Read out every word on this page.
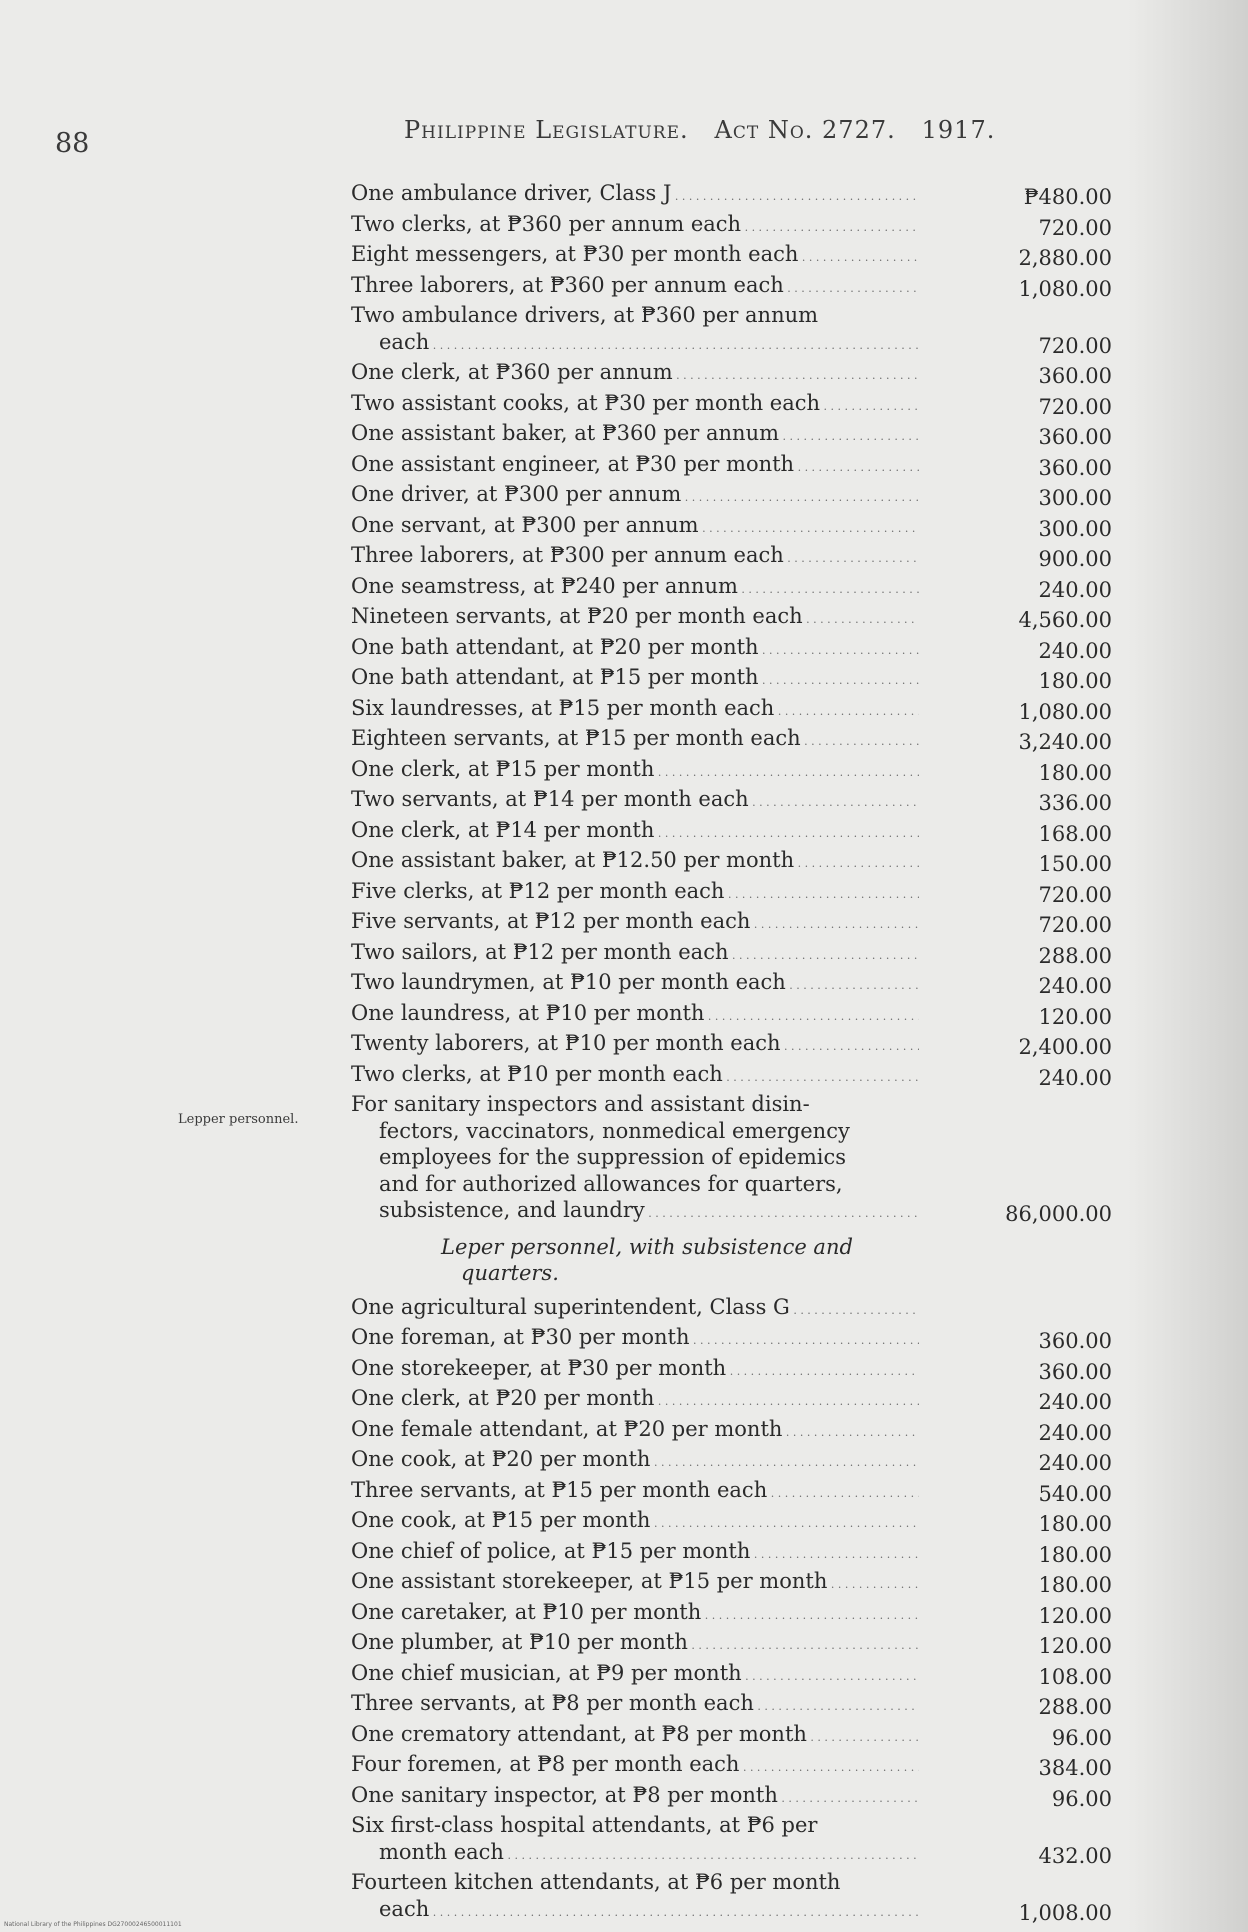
88	Philippine Legislature. Act No. 2727. 1917.
Lepper personnel.
One ambulance driver, Class J . . .	₱480.00
Two clerks, at ₱360 per annum each . . .	720.00
Eight messengers, at ₱30 per month each . . .	2,880.00
Three laborers, at ₱360 per annum each . . .	1,080.00
Two ambulance drivers, at ₱360 per annum
each . . .	720.00
One clerk, at ₱360 per annum . . .	360.00
Two assistant cooks, at ₱30 per month each . . .	720.00
One assistant baker, at ₱360 per annum . . .	360.00
One assistant engineer, at ₱30 per month . . .	360.00
One driver, at ₱300 per annum . . .	300.00
One servant, at ₱300 per annum . . .	300.00
Three laborers, at ₱300 per annum each . . .	900.00
One seamstress, at ₱240 per annum . . .	240.00
Nineteen servants, at ₱20 per month each . . .	4,560.00
One bath attendant, at ₱20 per month . . .	240.00
One bath attendant, at ₱15 per month . . .	180.00
Six laundresses, at ₱15 per month each . . .	1,080.00
Eighteen servants, at ₱15 per month each . . .	3,240.00
One clerk, at ₱15 per month . . .	180.00
Two servants, at ₱14 per month each . . .	336.00
One clerk, at ₱14 per month . . .	168.00
One assistant baker, at ₱12.50 per month . . .	150.00
Five clerks, at ₱12 per month each . . .	720.00
Five servants, at ₱12 per month each . . .	720.00
Two sailors, at ₱12 per month each . . .	288.00
Two laundrymen, at ₱10 per month each . . .	240.00
One laundress, at ₱10 per month . . .	120.00
Twenty laborers, at ₱10 per month each . . .	2,400.00
Two clerks, at ₱10 per month each . . .	240.00
For sanitary inspectors and assistant disin-
fectors, vaccinators, nonmedical emergency
employees for the suppression of epidemics
and for authorized allowances for quarters,
subsistence, and laundry . . .	86,000.00
Leper personnel, with subsistence and
quarters.
One agricultural superintendent, Class G . . .
One foreman, at ₱30 per month . . .	360.00
One storekeeper, at ₱30 per month . . .	360.00
One clerk, at ₱20 per month . . .	240.00
One female attendant, at ₱20 per month . . .	240.00
One cook, at ₱20 per month . . .	240.00
Three servants, at ₱15 per month each . . .	540.00
One cook, at ₱15 per month . . .	180.00
One chief of police, at ₱15 per month . . .	180.00
One assistant storekeeper, at ₱15 per month . . .	180.00
One caretaker, at ₱10 per month . . .	120.00
One plumber, at ₱10 per month . . .	120.00
One chief musician, at ₱9 per month . . .	108.00
Three servants, at ₱8 per month each . . .	288.00
One crematory attendant, at ₱8 per month . . .	96.00
Four foremen, at ₱8 per month each . . .	384.00
One sanitary inspector, at ₱8 per month . . .	96.00
Six first-class hospital attendants, at ₱6 per
month each . . .	432.00
Fourteen kitchen attendants, at ₱6 per month
each . . .	1,008.00
National Library of the Philippines DG27000246500011101
